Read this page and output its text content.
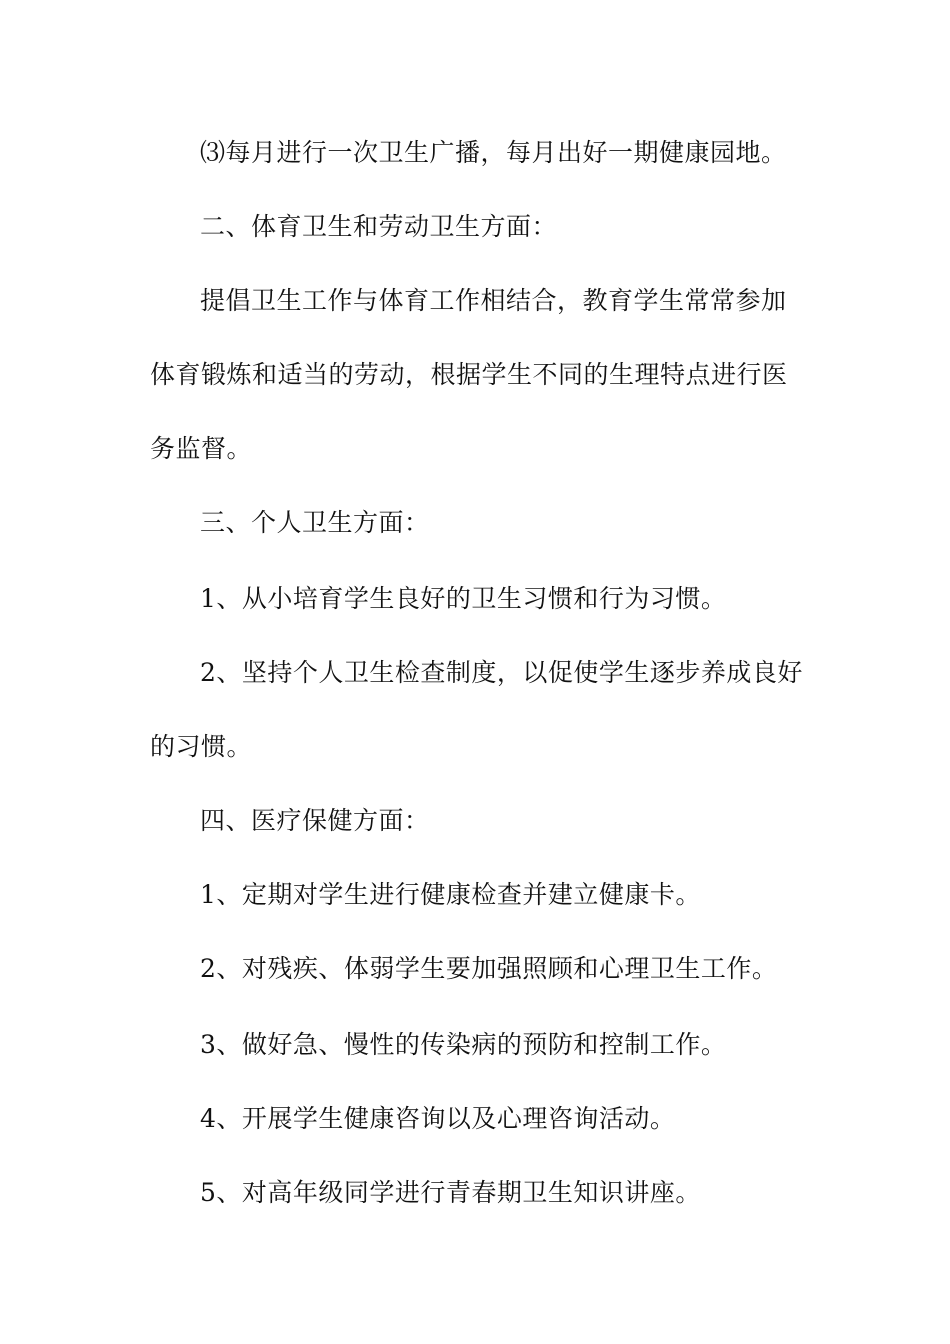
⑶每月进行一次卫生广播，每月出好一期健康园地。

二、体育卫生和劳动卫生方面：

提倡卫生工作与体育工作相结合，教育学生常常参加

体育锻炼和适当的劳动，根据学生不同的生理特点进行医

务监督。

三、个人卫生方面：

1、从小培育学生良好的卫生习惯和行为习惯。

2、坚持个人卫生检查制度，以促使学生逐步养成良好

的习惯。

四、医疗保健方面：

1、定期对学生进行健康检查并建立健康卡。

2、对残疾、体弱学生要加强照顾和心理卫生工作。

3、做好急、慢性的传染病的预防和控制工作。

4、开展学生健康咨询以及心理咨询活动。

5、对高年级同学进行青春期卫生知识讲座。
